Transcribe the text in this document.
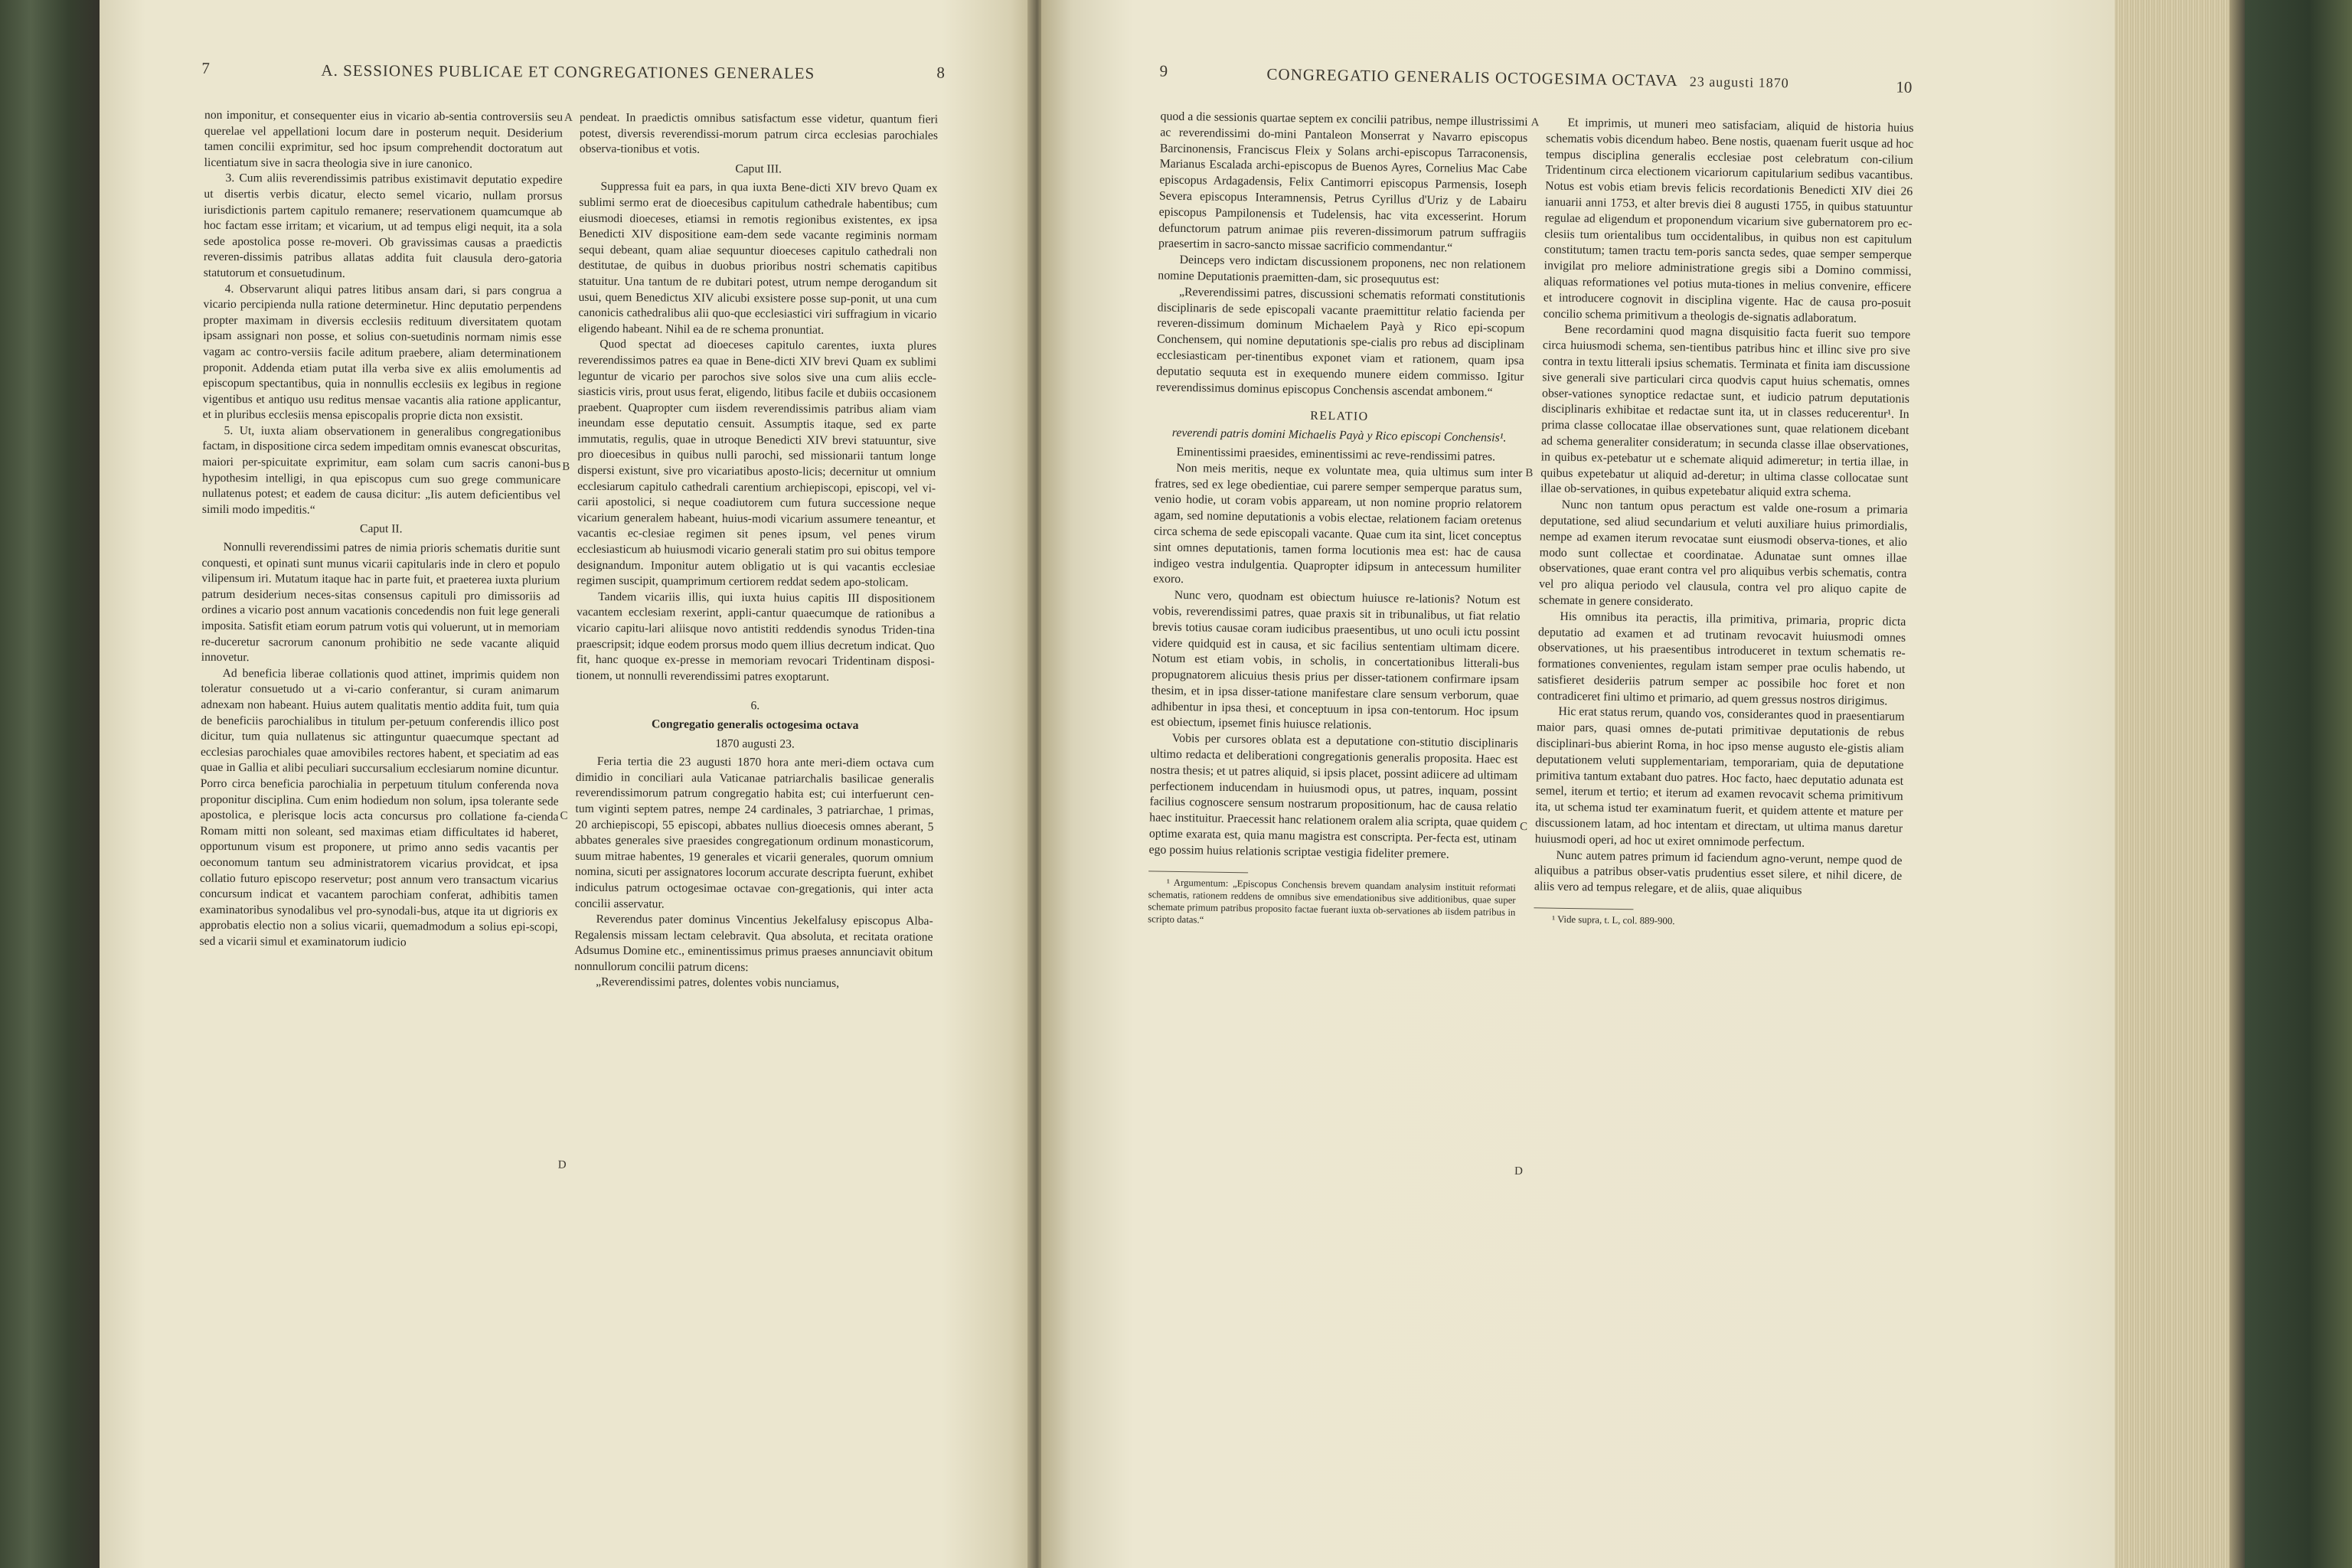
7	A. SESSIONES PUBLICAE ET CONGREGATIONES GENERALES	8

non imponitur, et consequenter eius in vicario ab-sentia controversiis seu querelae vel appellationi locum dare in posterum nequit. Desiderium tamen concilii exprimitur, sed hoc ipsum comprehendit doctoratum aut licentiatum sive in sacra theologia sive in iure canonico.

3. Cum aliis reverendissimis patribus existimavit deputatio expedire ut disertis verbis dicatur, electo semel vicario, nullam prorsus iurisdictionis partem capitulo remanere; reservationem quamcumque ab hoc factam esse irritam; et vicarium, ut ad tempus eligi nequit, ita a sola sede apostolica posse re-moveri. Ob gravissimas causas a praedictis reveren-dissimis patribus allatas addita fuit clausula dero-gatoria statutorum et consuetudinum.

4. Observarunt aliqui patres litibus ansam dari, si pars congrua a vicario percipienda nulla ratione determinetur. Hinc deputatio perpendens propter maximam in diversis ecclesiis redituum diversitatem quotam ipsam assignari non posse, et solius con-suetudinis normam nimis esse vagam ac contro-versiis facile aditum praebere, aliam determinationem proponit. Addenda etiam putat illa verba sive ex aliis emolumentis ad episcopum spectantibus, quia in nonnullis ecclesiis ex legibus in regione vigentibus et antiquo usu reditus mensae vacantis alia ratione applicantur, et in pluribus ecclesiis mensa episcopalis proprie dicta non exsistit.

5. Ut, iuxta aliam observationem in generalibus congregationibus factam, in dispositione circa sedem impeditam omnis evanescat obscuritas, maiori per-spicuitate exprimitur, eam solam cum sacris canoni-bus hypothesim intelligi, in qua episcopus cum suo grege communicare nullatenus potest; et eadem de causa dicitur: „Iis autem deficientibus vel simili modo impeditis.“

Caput II.

Nonnulli reverendissimi patres de nimia prioris schematis duritie sunt conquesti, et opinati sunt munus vicarii capitularis inde in clero et populo vilipensum iri. Mutatum itaque hac in parte fuit, et praeterea iuxta plurium patrum desiderium neces-sitas consensus capituli pro dimissoriis ad ordines a vicario post annum vacationis concedendis non fuit lege generali imposita. Satisfit etiam eorum patrum votis qui voluerunt, ut in memoriam re-duceretur sacrorum canonum prohibitio ne sede vacante aliquid innovetur.

Ad beneficia liberae collationis quod attinet, imprimis quidem non toleratur consuetudo ut a vi-cario conferantur, si curam animarum adnexam non habeant. Huius autem qualitatis mentio addita fuit, tum quia de beneficiis parochialibus in titulum per-petuum conferendis illico post dicitur, tum quia nullatenus sic attinguntur quaecumque spectant ad ecclesias parochiales quae amovibiles rectores habent, et speciatim ad eas quae in Gallia et alibi peculiari succursalium ecclesiarum nomine dicuntur. Porro circa beneficia parochialia in perpetuum titulum conferenda nova proponitur disciplina. Cum enim hodiedum non solum, ipsa tolerante sede apostolica, e plerisque locis acta concursus pro collatione fa-cienda Romam mitti non soleant, sed maximas etiam difficultates id haberet, opportunum visum est proponere, ut primo anno sedis vacantis per oeconomum tantum seu administratorem vicarius providcat, et ipsa collatio futuro episcopo reservetur; post annum vero transactum vicarius concursum indicat et vacantem parochiam conferat, adhibitis tamen examinatoribus synodalibus vel pro-synodali-bus, atque ita ut digrioris ex approbatis electio non a solius vicarii, quemadmodum a solius epi-scopi, sed a vicarii simul et examinatorum iudicio

A
B
C
D

pendeat. In praedictis omnibus satisfactum esse videtur, quantum fieri potest, diversis reverendissi-morum patrum circa ecclesias parochiales observa-tionibus et votis.

Caput III.

Suppressa fuit ea pars, in qua iuxta Bene-dicti XIV brevo Quam ex sublimi sermo erat de dioecesibus capitulum cathedrale habentibus; cum eiusmodi dioeceses, etiamsi in remotis regionibus existentes, ex ipsa Benedicti XIV dispositione eam-dem sede vacante regiminis normam sequi debeant, quam aliae sequuntur dioeceses capitulo cathedrali non destitutae, de quibus in duobus prioribus nostri schematis capitibus statuitur. Una tantum de re dubitari potest, utrum nempe derogandum sit usui, quem Benedictus XIV alicubi exsistere posse sup-ponit, ut una cum canonicis cathedralibus alii quo-que ecclesiastici viri suffragium in vicario eligendo habeant. Nihil ea de re schema pronuntiat.

Quod spectat ad dioeceses capitulo carentes, iuxta plures reverendissimos patres ea quae in Bene-dicti XIV brevi Quam ex sublimi leguntur de vicario per parochos sive solos sive una cum aliis eccle-siasticis viris, prout usus ferat, eligendo, litibus facile et dubiis occasionem praebent. Quapropter cum iisdem reverendissimis patribus aliam viam ineundam esse deputatio censuit. Assumptis itaque, sed ex parte immutatis, regulis, quae in utroque Benedicti XIV brevi statuuntur, sive pro dioecesibus in quibus nulli parochi, sed missionarii tantum longe dispersi existunt, sive pro vicariatibus aposto-licis; decernitur ut omnium ecclesiarum capitulo cathedrali carentium archiepiscopi, episcopi, vel vi-carii apostolici, si neque coadiutorem cum futura successione neque vicarium generalem habeant, huius-modi vicarium assumere teneantur, et vacantis ec-clesiae regimen sit penes ipsum, vel penes virum ecclesiasticum ab huiusmodi vicario generali statim pro sui obitus tempore designandum. Imponitur autem obligatio ut is qui vacantis ecclesiae regimen suscipit, quamprimum certiorem reddat sedem apo-stolicam.

Tandem vicariis illis, qui iuxta huius capitis III dispositionem vacantem ecclesiam rexerint, appli-cantur quaecumque de rationibus a vicario capitu-lari aliisque novo antistiti reddendis synodus Triden-tina praescripsit; idque eodem prorsus modo quem illius decretum indicat. Quo fit, hanc quoque ex-presse in memoriam revocari Tridentinam disposi-tionem, ut nonnulli reverendissimi patres exoptarunt.

6.

Congregatio generalis octogesima octava

1870 augusti 23.

Feria tertia die 23 augusti 1870 hora ante meri-diem octava cum dimidio in conciliari aula Vaticanae patriarchalis basilicae generalis reverendissimorum patrum congregatio habita est; cui interfuerunt cen-tum viginti septem patres, nempe 24 cardinales, 3 patriarchae, 1 primas, 20 archiepiscopi, 55 episcopi, abbates nullius dioecesis omnes aberant, 5 abbates generales sive praesides congregationum ordinum monasticorum, suum mitrae habentes, 19 generales et vicarii generales, quorum omnium nomina, sicuti per assignatores locorum accurate descripta fuerunt, exhibet indiculus patrum octogesimae octavae con-gregationis, qui inter acta concilii asservatur.

Reverendus pater dominus Vincentius Jekelfalusy episcopus Alba-Regalensis missam lectam celebravit. Qua absoluta, et recitata oratione Adsumus Domine etc., eminentissimus primus praeses annunciavit obitum nonnullorum concilii patrum dicens:

„Reverendissimi patres, dolentes vobis nunciamus,

9	CONGREGATIO GENERALIS OCTOGESIMA OCTAVA 23 augusti 1870	10

quod a die sessionis quartae septem ex concilii patribus, nempe illustrissimi ac reverendissimi do-mini Pantaleon Monserrat y Navarro episcopus Barcinonensis, Franciscus Fleix y Solans archi-episcopus Tarraconensis, Marianus Escalada archi-episcopus de Buenos Ayres, Cornelius Mac Cabe episcopus Ardagadensis, Felix Cantimorri episcopus Parmensis, Ioseph Severa episcopus Interamnensis, Petrus Cyrillus d'Uriz y de Labairu episcopus Pampilonensis et Tudelensis, hac vita excesserint. Horum defunctorum patrum animae piis reveren-dissimorum patrum suffragiis praesertim in sacro-sancto missae sacrificio commendantur.“

Deinceps vero indictam discussionem proponens, nec non relationem nomine Deputationis praemitten-dam, sic prosequutus est:

„Reverendissimi patres, discussioni schematis reformati constitutionis disciplinaris de sede episcopali vacante praemittitur relatio facienda per reveren-dissimum dominum Michaelem Payà y Rico epi-scopum Conchensem, qui nomine deputationis spe-cialis pro rebus ad disciplinam ecclesiasticam per-tinentibus exponet viam et rationem, quam ipsa deputatio sequuta est in exequendo munere eidem commisso. Igitur reverendissimus dominus episcopus Conchensis ascendat ambonem.“

RELATIO

reverendi patris domini Michaelis Payà y Rico episcopi Conchensis¹.

Eminentissimi praesides, eminentissimi ac reve-rendissimi patres.

Non meis meritis, neque ex voluntate mea, quia ultimus sum inter fratres, sed ex lege obedientiae, cui parere semper semperque paratus sum, venio hodie, ut coram vobis appaream, ut non nomine proprio relatorem agam, sed nomine deputationis a vobis electae, relationem faciam oretenus circa schema de sede episcopali vacante. Quae cum ita sint, licet conceptus sint omnes deputationis, tamen forma locutionis mea est: hac de causa indigeo vestra indulgentia. Quapropter idipsum in antecessum humiliter exoro.

Nunc vero, quodnam est obiectum huiusce re-lationis? Notum est vobis, reverendissimi patres, quae praxis sit in tribunalibus, ut fiat relatio brevis totius causae coram iudicibus praesentibus, ut uno oculi ictu possint videre quidquid est in causa, et sic facilius sententiam ultimam dicere. Notum est etiam vobis, in scholis, in concertationibus litterali-bus propugnatorem alicuius thesis prius per disser-tationem confirmare ipsam thesim, et in ipsa disser-tatione manifestare clare sensum verborum, quae adhibentur in ipsa thesi, et conceptuum in ipsa con-tentorum. Hoc ipsum est obiectum, ipsemet finis huiusce relationis.

Vobis per cursores oblata est a deputatione con-stitutio disciplinaris ultimo redacta et deliberationi congregationis generalis proposita. Haec est nostra thesis; et ut patres aliquid, si ipsis placet, possint adiicere ad ultimam perfectionem inducendam in huiusmodi opus, ut patres, inquam, possint facilius cognoscere sensum nostrarum propositionum, hac de causa relatio haec instituitur. Praecessit hanc relationem oralem alia scripta, quae quidem optime exarata est, quia manu magistra est conscripta. Per-fecta est, utinam ego possim huius relationis scriptae vestigia fideliter premere.

¹ Argumentum: „Episcopus Conchensis brevem quandam analysim instituit reformati schematis, rationem reddens de omnibus sive emendationibus sive additionibus, quae super schemate primum patribus proposito factae fuerant iuxta ob-servationes ab iisdem patribus in scripto datas.“

A
B
C
D

Et imprimis, ut muneri meo satisfaciam, aliquid de historia huius schematis vobis dicendum habeo. Bene nostis, quaenam fuerit usque ad hoc tempus disciplina generalis ecclesiae post celebratum con-cilium Tridentinum circa electionem vicariorum capitularium sedibus vacantibus. Notus est vobis etiam brevis felicis recordationis Benedicti XIV diei 26 ianuarii anni 1753, et alter brevis diei 8 augusti 1755, in quibus statuuntur regulae ad eligendum et proponendum vicarium sive gubernatorem pro ec-clesiis tum orientalibus tum occidentalibus, in quibus non est capitulum constitutum; tamen tractu tem-poris sancta sedes, quae semper semperque invigilat pro meliore administratione gregis sibi a Domino commissi, aliquas reformationes vel potius muta-tiones in melius convenire, efficere et introducere cognovit in disciplina vigente. Hac de causa pro-posuit concilio schema primitivum a theologis de-signatis adlaboratum.

Bene recordamini quod magna disquisitio facta fuerit suo tempore circa huiusmodi schema, sen-tientibus patribus hinc et illinc sive pro sive contra in textu litterali ipsius schematis. Terminata et finita iam discussione sive generali sive particulari circa quodvis caput huius schematis, omnes obser-vationes synoptice redactae sunt, et iudicio patrum deputationis disciplinaris exhibitae et redactae sunt ita, ut in classes reducerentur¹. In prima classe collocatae illae observationes sunt, quae relationem dicebant ad schema generaliter consideratum; in secunda classe illae observationes, in quibus ex-petebatur ut e schemate aliquid adimeretur; in tertia illae, in quibus expetebatur ut aliquid ad-deretur; in ultima classe collocatae sunt illae ob-servationes, in quibus expetebatur aliquid extra schema.

Nunc non tantum opus peractum est valde one-rosum a primaria deputatione, sed aliud secundarium et veluti auxiliare huius primordialis, nempe ad examen iterum revocatae sunt eiusmodi observa-tiones, et alio modo sunt collectae et coordinatae. Adunatae sunt omnes illae observationes, quae erant contra vel pro aliquibus verbis schematis, contra vel pro aliqua periodo vel clausula, contra vel pro aliquo capite de schemate in genere considerato.

His omnibus ita peractis, illa primitiva, primaria, propric dicta deputatio ad examen et ad trutinam revocavit huiusmodi omnes observationes, ut his praesentibus introduceret in textum schematis re-formationes convenientes, regulam istam semper prae oculis habendo, ut satisfieret desideriis patrum semper ac possibile hoc foret et non contradiceret fini ultimo et primario, ad quem gressus nostros dirigimus.

Hic erat status rerum, quando vos, considerantes quod in praesentiarum maior pars, quasi omnes de-putati primitivae deputationis de rebus disciplinari-bus abierint Roma, in hoc ipso mense augusto ele-gistis aliam deputationem veluti supplementariam, temporariam, quia de deputatione primitiva tantum extabant duo patres. Hoc facto, haec deputatio adunata est semel, iterum et tertio; et iterum ad examen revocavit schema primitivum ita, ut schema istud ter examinatum fuerit, et quidem attente et mature per discussionem latam, ad hoc intentam et directam, ut ultima manus daretur huiusmodi operi, ad hoc ut exiret omnimode perfectum.

Nunc autem patres primum id faciendum agno-verunt, nempe quod de aliquibus a patribus obser-vatis prudentius esset silere, et nihil dicere, de aliis vero ad tempus relegare, et de aliis, quae aliquibus

¹ Vide supra, t. L, col. 889-900.
